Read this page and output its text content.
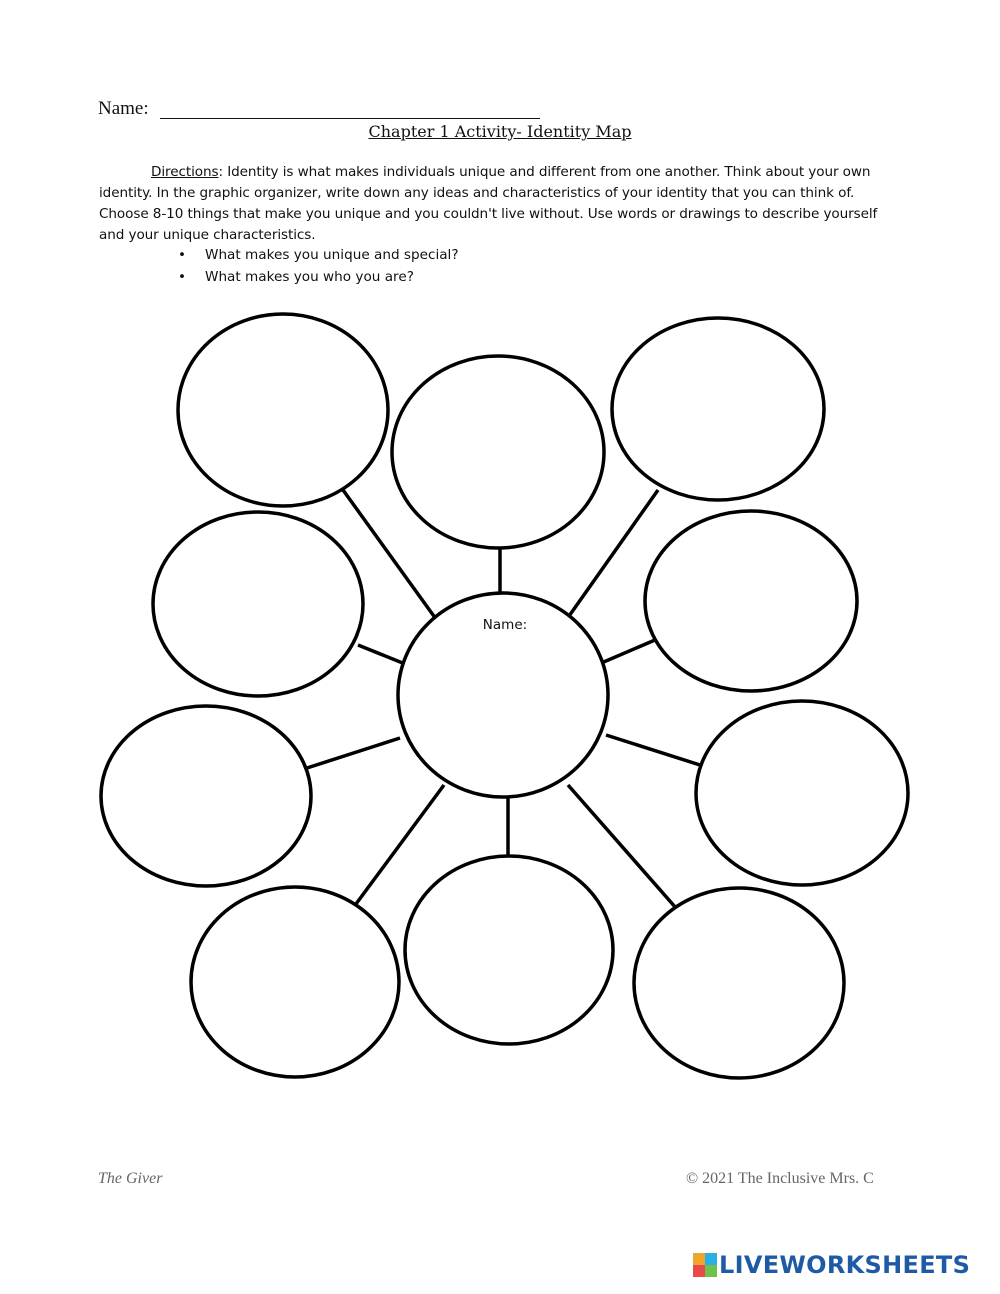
Name:
Chapter 1 Activity- Identity Map
Directions: Identity is what makes individuals unique and different from one another. Think about your own identity. In the graphic organizer, write down any ideas and characteristics of your identity that you can think of. Choose 8-10 things that make you unique and you couldn't live without. Use words or drawings to describe yourself and your unique characteristics.
• What makes you unique and special?
• What makes you who you are?
Name:
The Giver	© 2021 The Inclusive Mrs. C
LIVEWORKSHEETS
